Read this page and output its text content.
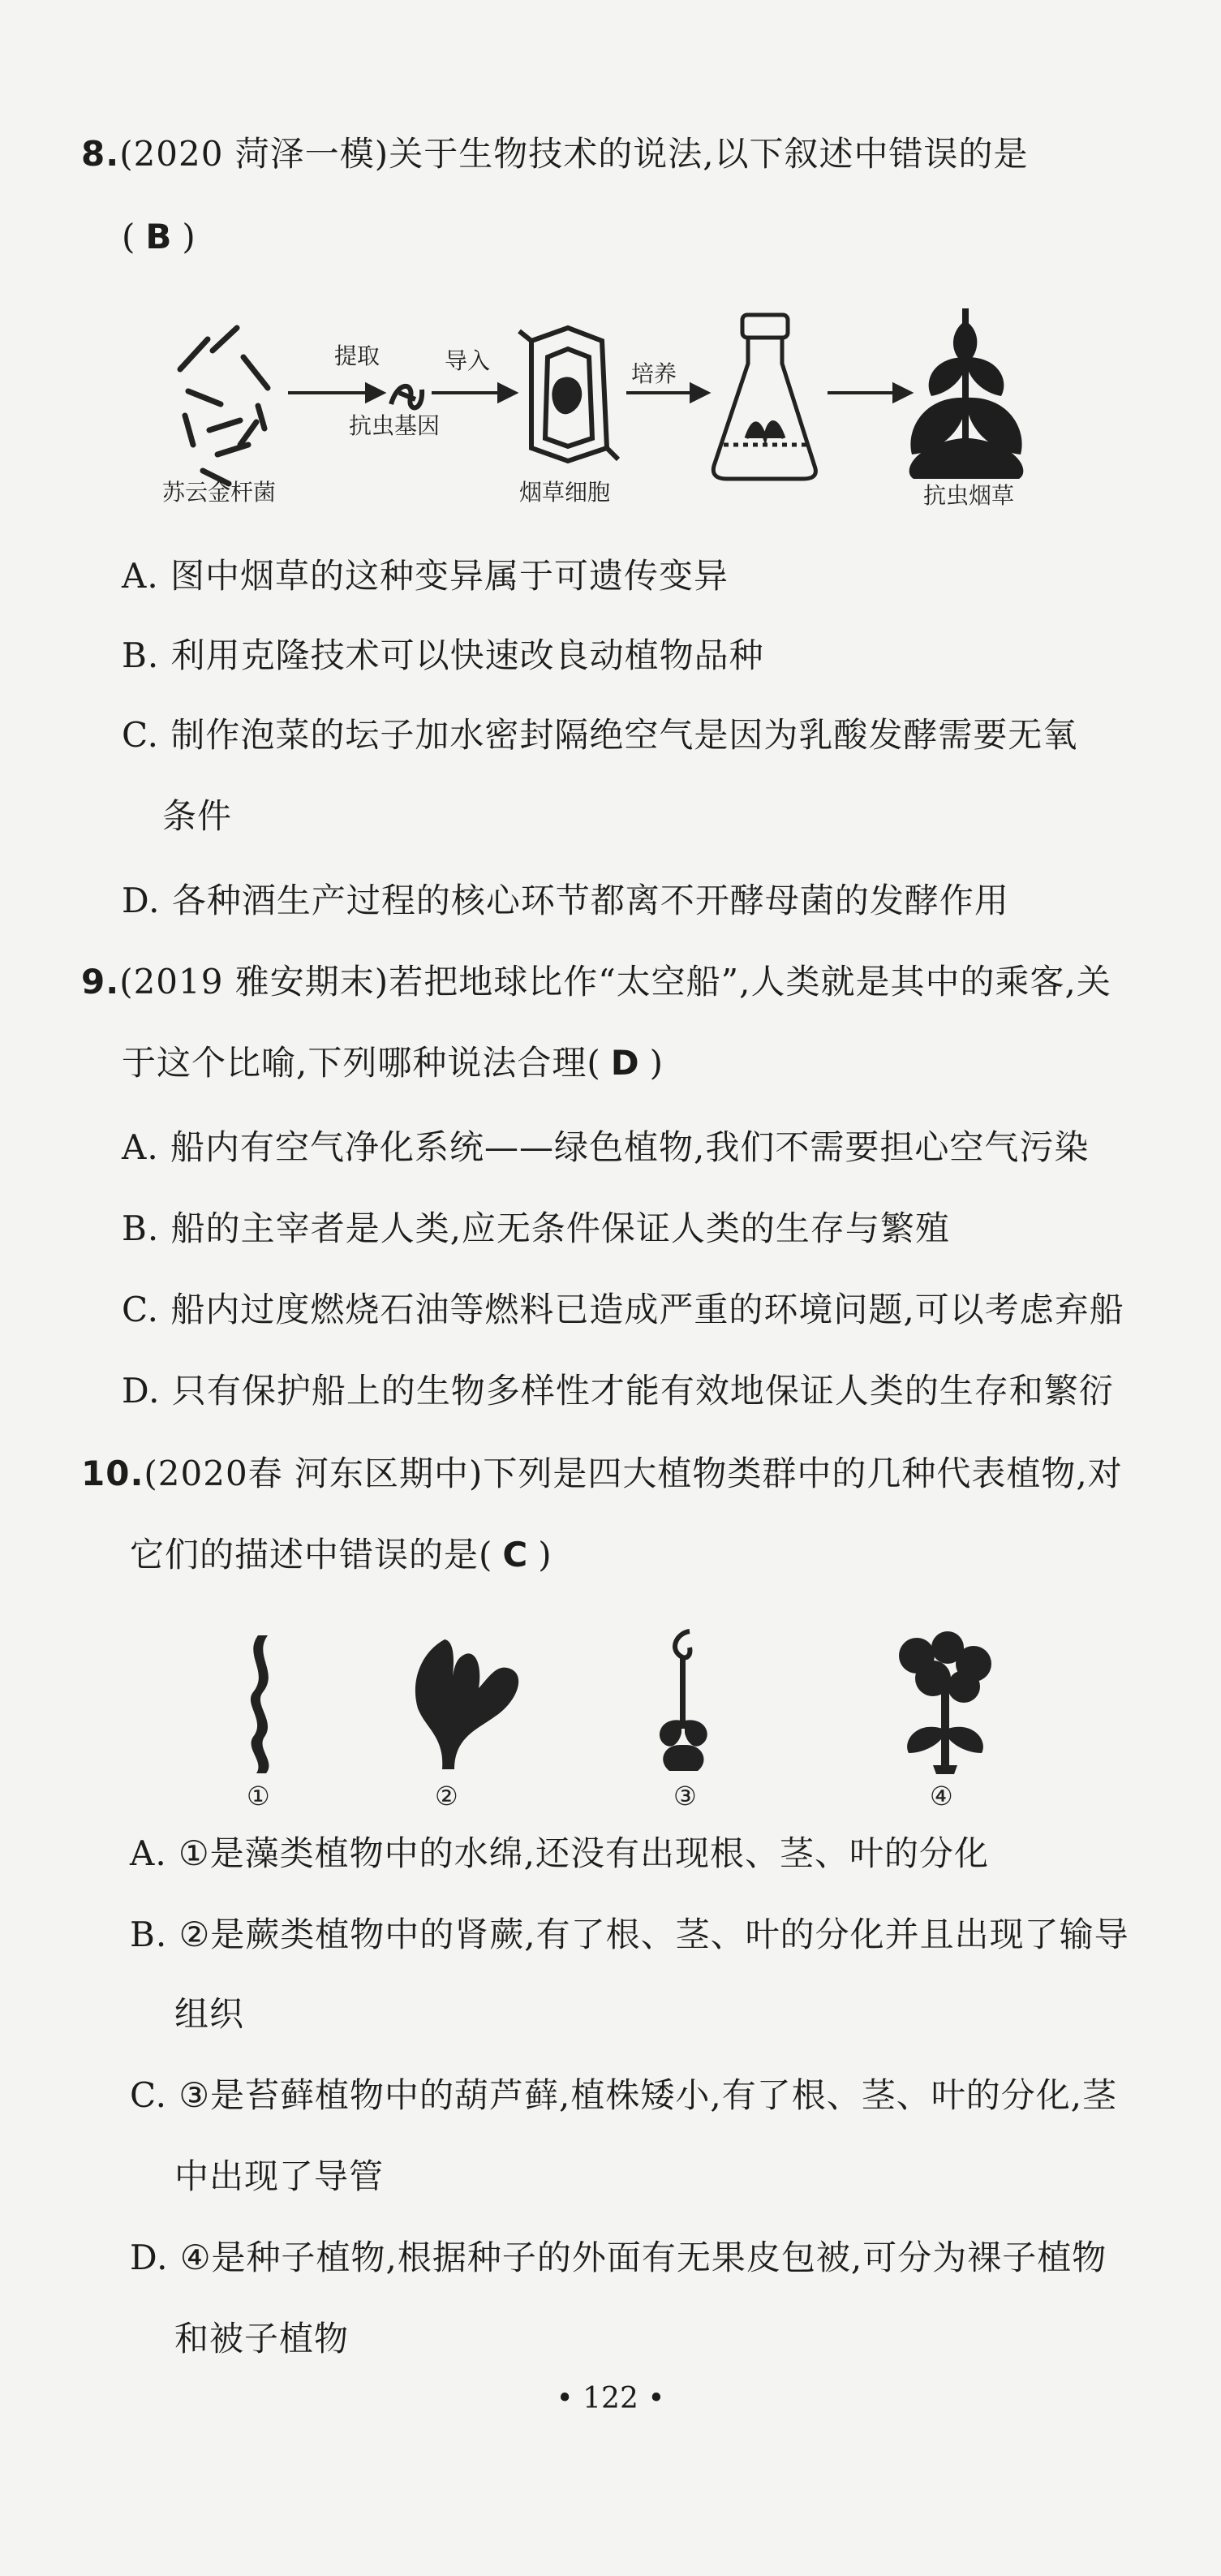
8.(2020 菏泽一模)关于生物技术的说法,以下叙述中错误的是
( B )
提取
抗虫基因
导入	培养
苏云金杆菌	烟草细胞	抗虫烟草
A. 图中烟草的这种变异属于可遗传变异
B. 利用克隆技术可以快速改良动植物品种
C. 制作泡菜的坛子加水密封隔绝空气是因为乳酸发酵需要无氧
条件
D. 各种酒生产过程的核心环节都离不开酵母菌的发酵作用
9.(2019 雅安期末)若把地球比作“太空船”,人类就是其中的乘客,关
于这个比喻,下列哪种说法合理( D )
A. 船内有空气净化系统——绿色植物,我们不需要担心空气污染
B. 船的主宰者是人类,应无条件保证人类的生存与繁殖
C. 船内过度燃烧石油等燃料已造成严重的环境问题,可以考虑弃船
D. 只有保护船上的生物多样性才能有效地保证人类的生存和繁衍
10.(2020春 河东区期中)下列是四大植物类群中的几种代表植物,对
它们的描述中错误的是( C )
①	②	③	④
A. ①是藻类植物中的水绵,还没有出现根、茎、叶的分化
B. ②是蕨类植物中的肾蕨,有了根、茎、叶的分化并且出现了输导
组织
C. ③是苔藓植物中的葫芦藓,植株矮小,有了根、茎、叶的分化,茎
中出现了导管
D. ④是种子植物,根据种子的外面有无果皮包被,可分为裸子植物
和被子植物
• 122 •
